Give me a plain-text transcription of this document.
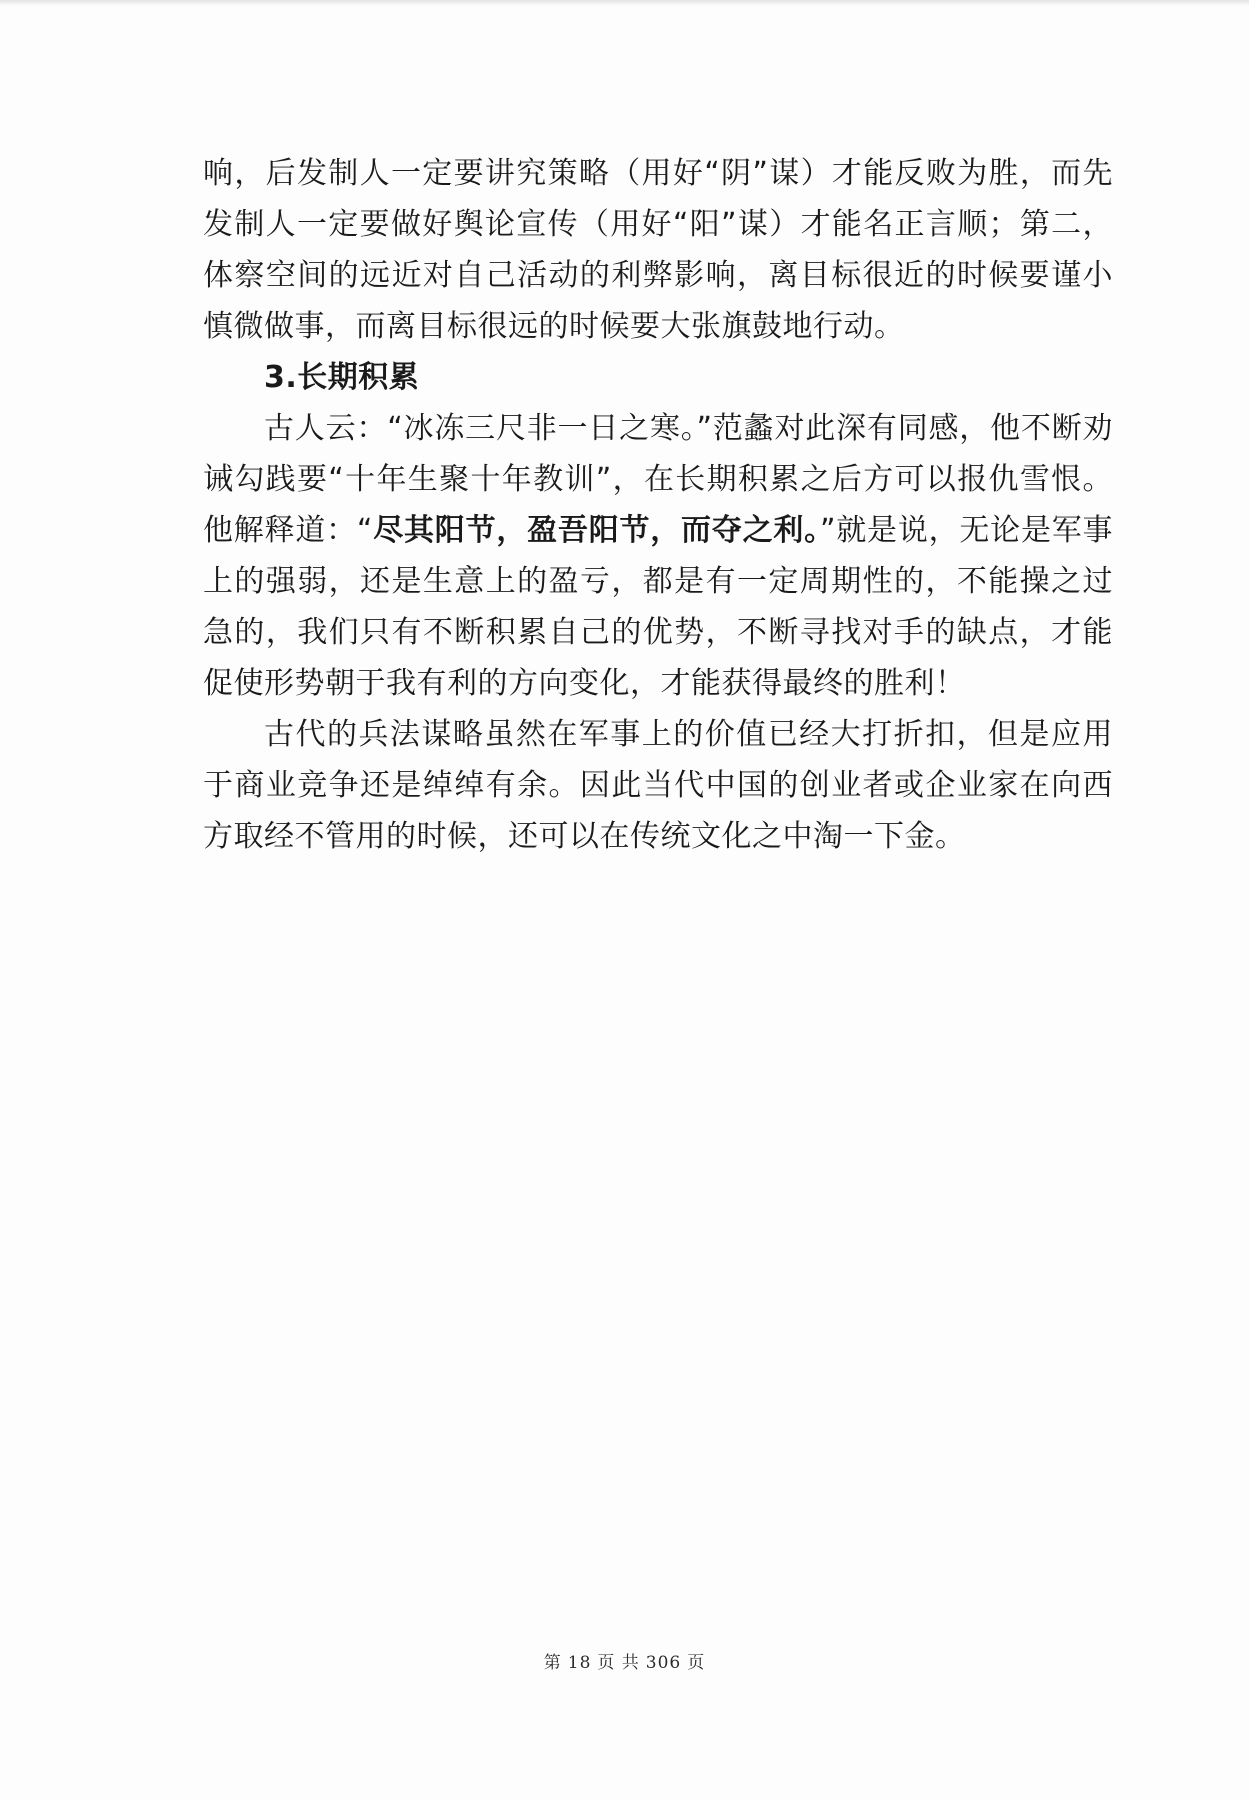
响，后发制人一定要讲究策略（用好“阴”谋）才能反败为胜，而先发制人一定要做好舆论宣传（用好“阳”谋）才能名正言顺；第二，体察空间的远近对自己活动的利弊影响，离目标很近的时候要谨小慎微做事，而离目标很远的时候要大张旗鼓地行动。

3.长期积累

古人云：“冰冻三尺非一日之寒。”范蠡对此深有同感，他不断劝诫勾践要“十年生聚十年教训”，在长期积累之后方可以报仇雪恨。他解释道：“尽其阳节，盈吾阳节，而夺之利。”就是说，无论是军事上的强弱，还是生意上的盈亏，都是有一定周期性的，不能操之过急的，我们只有不断积累自己的优势，不断寻找对手的缺点，才能促使形势朝于我有利的方向变化，才能获得最终的胜利！

古代的兵法谋略虽然在军事上的价值已经大打折扣，但是应用于商业竞争还是绰绰有余。因此当代中国的创业者或企业家在向西方取经不管用的时候，还可以在传统文化之中淘一下金。

第 18 页 共 306 页
